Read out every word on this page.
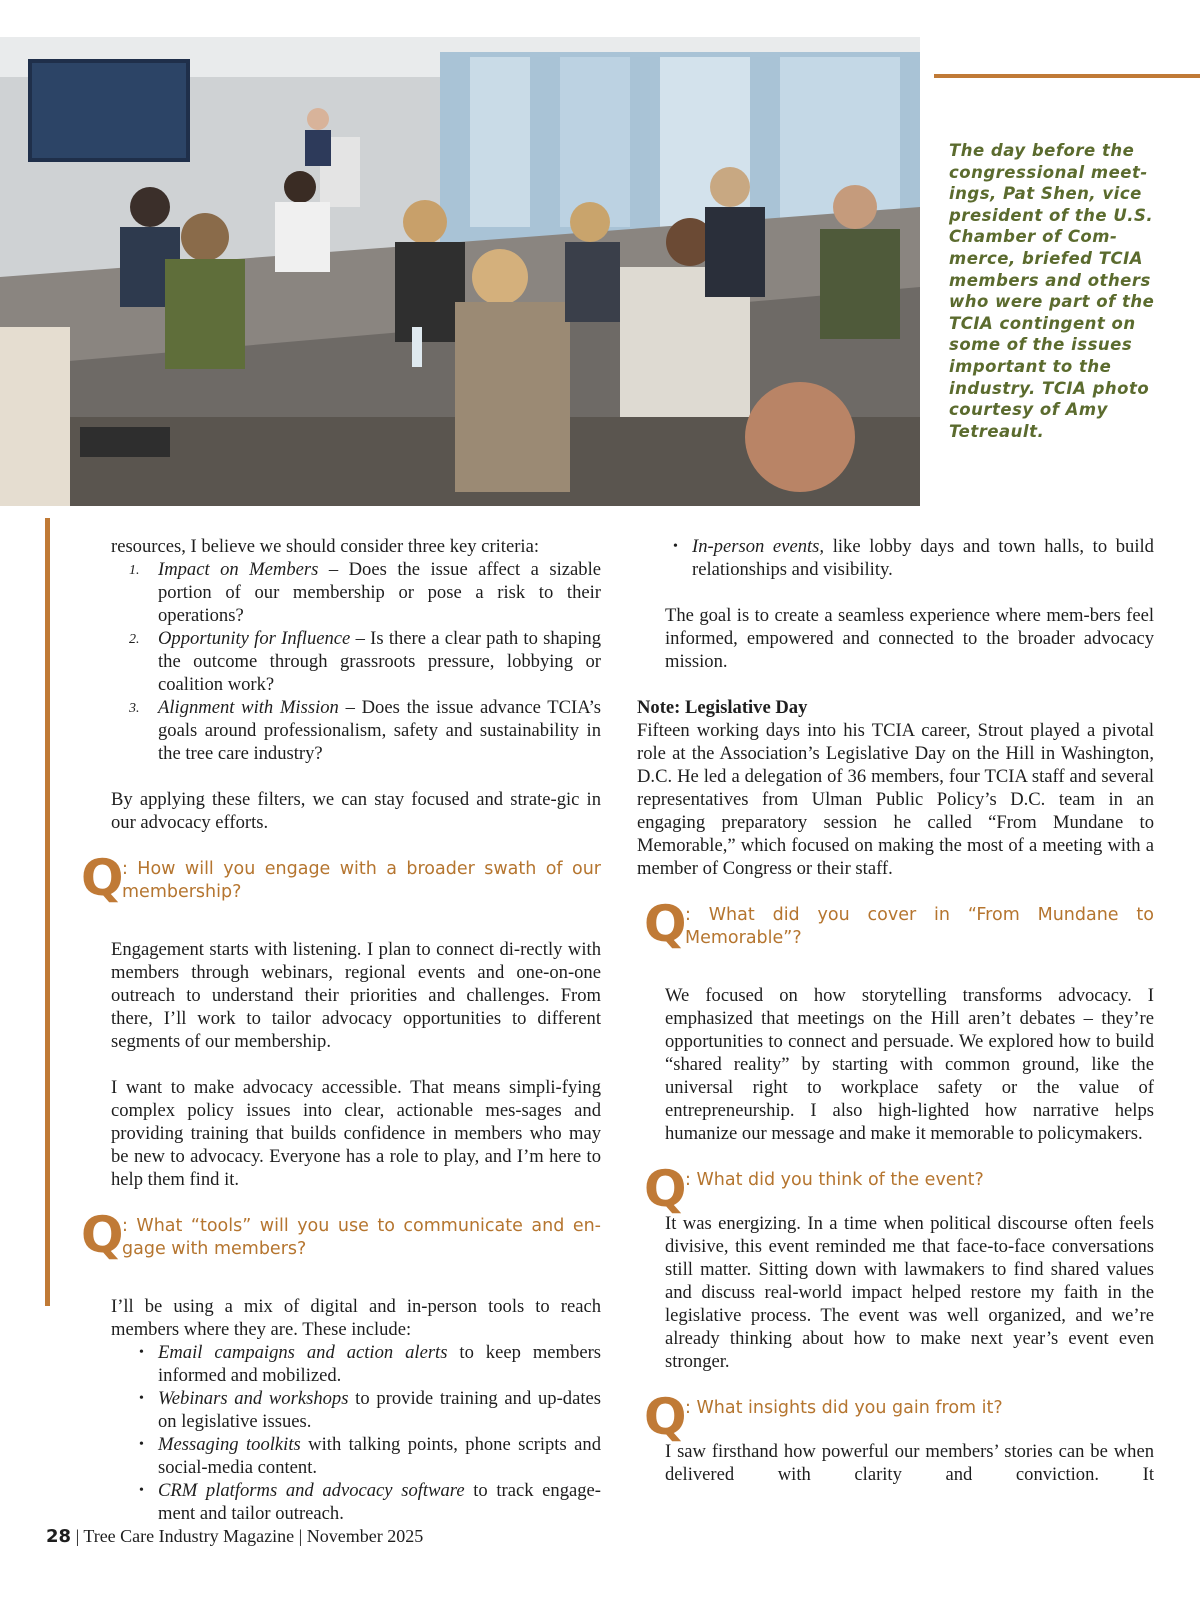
The day before the congressional meet-ings, Pat Shen, vice president of the U.S. Chamber of Com-merce, briefed TCIA members and others who were part of the TCIA contingent on some of the issues important to the industry. TCIA photo courtesy of Amy Tetreault.

resources, I believe we should consider three key criteria:

1. Impact on Members – Does the issue affect a sizable portion of our membership or pose a risk to their operations?
2. Opportunity for Influence – Is there a clear path to shaping the outcome through grassroots pressure, lobbying or coalition work?
3. Alignment with Mission – Does the issue advance TCIA’s goals around professionalism, safety and sustainability in the tree care industry?

By applying these filters, we can stay focused and strate-gic in our advocacy efforts.

Q
: How will you engage with a broader swath of our membership?

Engagement starts with listening. I plan to connect di-rectly with members through webinars, regional events and one-on-one outreach to understand their priorities and challenges. From there, I’ll work to tailor advocacy opportunities to different segments of our membership.

I want to make advocacy accessible. That means simpli-fying complex policy issues into clear, actionable mes-sages and providing training that builds confidence in members who may be new to advocacy. Everyone has a role to play, and I’m here to help them find it.

Q
: What “tools” will you use to communicate and en-gage with members?

I’ll be using a mix of digital and in-person tools to reach members where they are. These include:

• Email campaigns and action alerts to keep members informed and mobilized.
• Webinars and workshops to provide training and up-dates on legislative issues.
• Messaging toolkits with talking points, phone scripts and social-media content.
• CRM platforms and advocacy software to track engage-ment and tailor outreach.
• In-person events, like lobby days and town halls, to build relationships and visibility.

The goal is to create a seamless experience where mem-bers feel informed, empowered and connected to the broader advocacy mission.

Note: Legislative Day

Fifteen working days into his TCIA career, Strout played a pivotal role at the Association’s Legislative Day on the Hill in Washington, D.C. He led a delegation of 36 members, four TCIA staff and several representatives from Ulman Public Policy’s D.C. team in an engaging preparatory session he called “From Mundane to Memorable,” which focused on making the most of a meeting with a member of Congress or their staff.

Q
: What did you cover in “From Mundane to Memorable”?

We focused on how storytelling transforms advocacy. I emphasized that meetings on the Hill aren’t debates – they’re opportunities to connect and persuade. We explored how to build “shared reality” by starting with common ground, like the universal right to workplace safety or the value of entrepreneurship. I also high-lighted how narrative helps humanize our message and make it memorable to policymakers.

Q
: What did you think of the event?

It was energizing. In a time when political discourse often feels divisive, this event reminded me that face-to-face conversations still matter. Sitting down with lawmakers to find shared values and discuss real-world impact helped restore my faith in the legislative process. The event was well organized, and we’re already thinking about how to make next year’s event even stronger.

Q
: What insights did you gain from it?

I saw firsthand how powerful our members’ stories can be when delivered with clarity and conviction. It

28 | Tree Care Industry Magazine | November 2025
